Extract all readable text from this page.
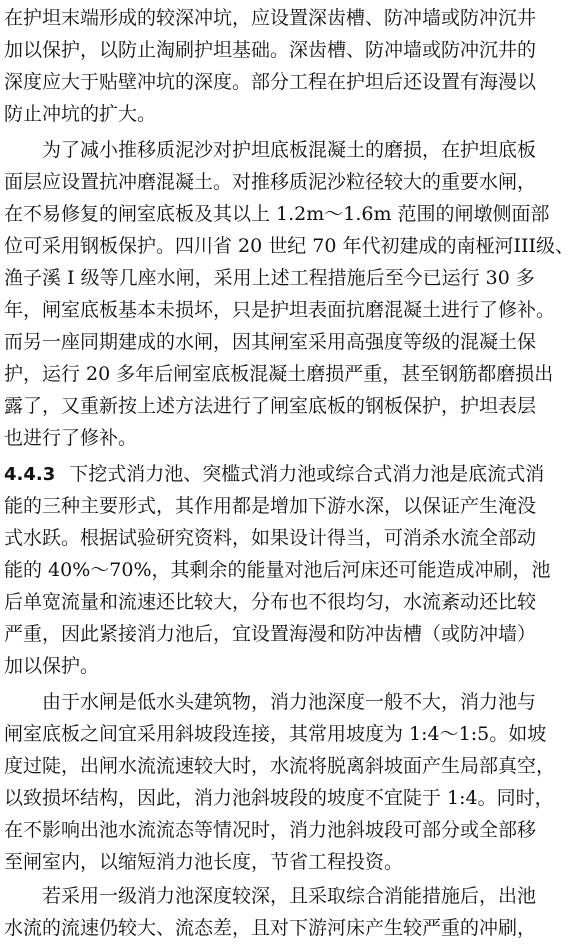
在护坦末端形成的较深冲坑，应设置深齿槽、防冲墙或防冲沉井
加以保护，以防止淘刷护坦基础。深齿槽、防冲墙或防冲沉井的
深度应大于贴壁冲坑的深度。部分工程在护坦后还设置有海漫以
防止冲坑的扩大。
为了减小推移质泥沙对护坦底板混凝土的磨损，在护坦底板
面层应设置抗冲磨混凝土。对推移质泥沙粒径较大的重要水闸，
在不易修复的闸室底板及其以上 1.2m～1.6m 范围的闸墩侧面部
位可采用钢板保护。四川省 20 世纪 70 年代初建成的南桠河III级、
渔子溪 I 级等几座水闸，采用上述工程措施后至今已运行 30 多
年，闸室底板基本未损坏，只是护坦表面抗磨混凝土进行了修补。
而另一座同期建成的水闸，因其闸室采用高强度等级的混凝土保
护，运行 20 多年后闸室底板混凝土磨损严重，甚至钢筋都磨损出
露了，又重新按上述方法进行了闸室底板的钢板保护，护坦表层
也进行了修补。
4.4.3 下挖式消力池、突槛式消力池或综合式消力池是底流式消
能的三种主要形式，其作用都是增加下游水深，以保证产生淹没
式水跃。根据试验研究资料，如果设计得当，可消杀水流全部动
能的 40%～70%，其剩余的能量对池后河床还可能造成冲刷，池
后单宽流量和流速还比较大，分布也不很均匀，水流紊动还比较
严重，因此紧接消力池后，宜设置海漫和防冲齿槽（或防冲墙）
加以保护。
由于水闸是低水头建筑物，消力池深度一般不大，消力池与
闸室底板之间宜采用斜坡段连接，其常用坡度为 1:4～1:5。如坡
度过陡，出闸水流流速较大时，水流将脱离斜坡面产生局部真空，
以致损坏结构，因此，消力池斜坡段的坡度不宜陡于 1:4。同时，
在不影响出池水流流态等情况时，消力池斜坡段可部分或全部移
至闸室内，以缩短消力池长度，节省工程投资。
若采用一级消力池深度较深，且采取综合消能措施后，出池
水流的流速仍较大、流态差，且对下游河床产生较严重的冲刷，
